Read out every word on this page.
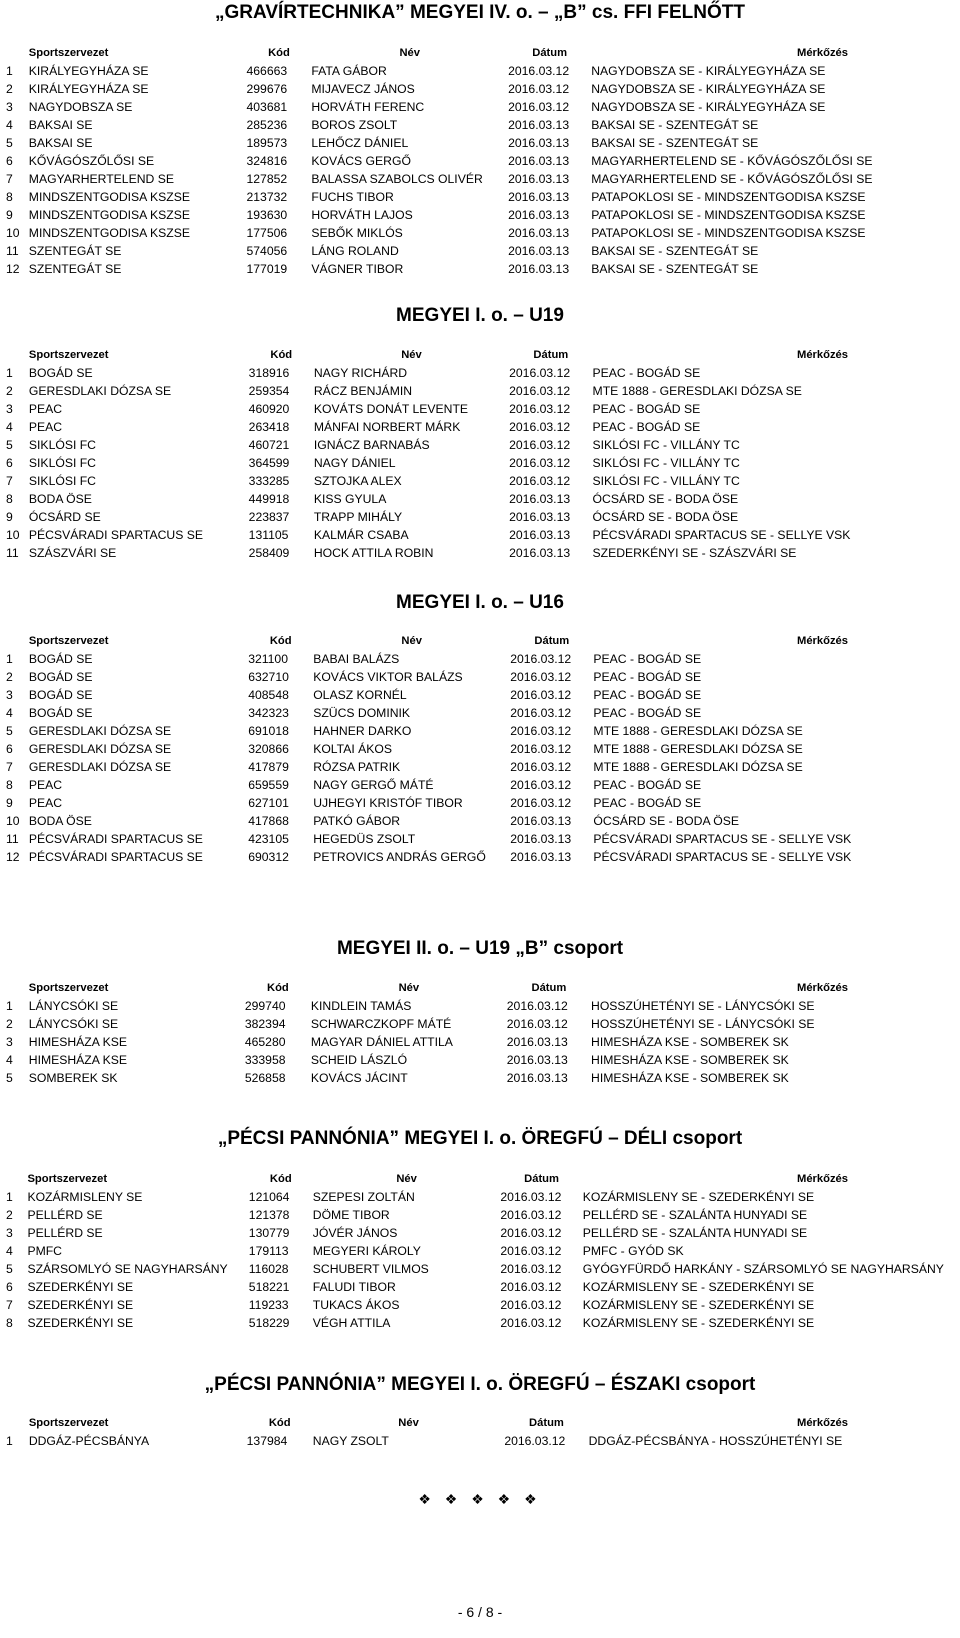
„GRAVÍRTECHNIKA” MEGYEI IV. o. – „B” cs. FFI FELNŐTT
	Sportszervezet	Kód	Név	Dátum	Mérkőzés
1	KIRÁLYEGYHÁZA SE	466663	FATA GÁBOR	2016.03.12	NAGYDOBSZA SE - KIRÁLYEGYHÁZA SE
2	KIRÁLYEGYHÁZA SE	299676	MIJAVECZ JÁNOS	2016.03.12	NAGYDOBSZA SE - KIRÁLYEGYHÁZA SE
3	NAGYDOBSZA SE	403681	HORVÁTH FERENC	2016.03.12	NAGYDOBSZA SE - KIRÁLYEGYHÁZA SE
4	BAKSAI SE	285236	BOROS ZSOLT	2016.03.13	BAKSAI SE - SZENTEGÁT SE
5	BAKSAI SE	189573	LEHŐCZ DÁNIEL	2016.03.13	BAKSAI SE - SZENTEGÁT SE
6	KŐVÁGÓSZŐLŐSI SE	324816	KOVÁCS GERGŐ	2016.03.13	MAGYARHERTELEND SE - KŐVÁGÓSZŐLŐSI SE
7	MAGYARHERTELEND SE	127852	BALASSA SZABOLCS OLIVÉR	2016.03.13	MAGYARHERTELEND SE - KŐVÁGÓSZŐLŐSI SE
8	MINDSZENTGODISA KSZSE	213732	FUCHS TIBOR	2016.03.13	PATAPOKLOSI SE - MINDSZENTGODISA KSZSE
9	MINDSZENTGODISA KSZSE	193630	HORVÁTH LAJOS	2016.03.13	PATAPOKLOSI SE - MINDSZENTGODISA KSZSE
10	MINDSZENTGODISA KSZSE	177506	SEBŐK MIKLÓS	2016.03.13	PATAPOKLOSI SE - MINDSZENTGODISA KSZSE
11	SZENTEGÁT SE	574056	LÁNG ROLAND	2016.03.13	BAKSAI SE - SZENTEGÁT SE
12	SZENTEGÁT SE	177019	VÁGNER TIBOR	2016.03.13	BAKSAI SE - SZENTEGÁT SE
MEGYEI I. o. – U19
	Sportszervezet	Kód	Név	Dátum	Mérkőzés
1	BOGÁD SE	318916	NAGY RICHÁRD	2016.03.12	PEAC - BOGÁD SE
2	GERESDLAKI DÓZSA SE	259354	RÁCZ BENJÁMIN	2016.03.12	MTE 1888 - GERESDLAKI DÓZSA SE
3	PEAC	460920	KOVÁTS DONÁT LEVENTE	2016.03.12	PEAC - BOGÁD SE
4	PEAC	263418	MÁNFAI NORBERT MÁRK	2016.03.12	PEAC - BOGÁD SE
5	SIKLÓSI FC	460721	IGNÁCZ BARNABÁS	2016.03.12	SIKLÓSI FC - VILLÁNY TC
6	SIKLÓSI FC	364599	NAGY DÁNIEL	2016.03.12	SIKLÓSI FC - VILLÁNY TC
7	SIKLÓSI FC	333285	SZTOJKA ALEX	2016.03.12	SIKLÓSI FC - VILLÁNY TC
8	BODA ÖSE	449918	KISS GYULA	2016.03.13	ÓCSÁRD SE - BODA ÖSE
9	ÓCSÁRD SE	223837	TRAPP MIHÁLY	2016.03.13	ÓCSÁRD SE - BODA ÖSE
10	PÉCSVÁRADI SPARTACUS SE	131105	KALMÁR CSABA	2016.03.13	PÉCSVÁRADI SPARTACUS SE - SELLYE VSK
11	SZÁSZVÁRI SE	258409	HOCK ATTILA ROBIN	2016.03.13	SZEDERKÉNYI SE - SZÁSZVÁRI SE
MEGYEI I. o. – U16
	Sportszervezet	Kód	Név	Dátum	Mérkőzés
1	BOGÁD SE	321100	BABAI BALÁZS	2016.03.12	PEAC - BOGÁD SE
2	BOGÁD SE	632710	KOVÁCS VIKTOR BALÁZS	2016.03.12	PEAC - BOGÁD SE
3	BOGÁD SE	408548	OLASZ KORNÉL	2016.03.12	PEAC - BOGÁD SE
4	BOGÁD SE	342323	SZÜCS DOMINIK	2016.03.12	PEAC - BOGÁD SE
5	GERESDLAKI DÓZSA SE	691018	HAHNER DARKO	2016.03.12	MTE 1888 - GERESDLAKI DÓZSA SE
6	GERESDLAKI DÓZSA SE	320866	KOLTAI ÁKOS	2016.03.12	MTE 1888 - GERESDLAKI DÓZSA SE
7	GERESDLAKI DÓZSA SE	417879	RÓZSA PATRIK	2016.03.12	MTE 1888 - GERESDLAKI DÓZSA SE
8	PEAC	659559	NAGY GERGŐ MÁTÉ	2016.03.12	PEAC - BOGÁD SE
9	PEAC	627101	UJHEGYI KRISTÓF TIBOR	2016.03.12	PEAC - BOGÁD SE
10	BODA ÖSE	417868	PATKÓ GÁBOR	2016.03.13	ÓCSÁRD SE - BODA ÖSE
11	PÉCSVÁRADI SPARTACUS SE	423105	HEGEDÜS ZSOLT	2016.03.13	PÉCSVÁRADI SPARTACUS SE - SELLYE VSK
12	PÉCSVÁRADI SPARTACUS SE	690312	PETROVICS ANDRÁS GERGŐ	2016.03.13	PÉCSVÁRADI SPARTACUS SE - SELLYE VSK
MEGYEI II. o. – U19 „B” csoport
	Sportszervezet	Kód	Név	Dátum	Mérkőzés
1	LÁNYCSÓKI SE	299740	KINDLEIN TAMÁS	2016.03.12	HOSSZÚHETÉNYI SE - LÁNYCSÓKI SE
2	LÁNYCSÓKI SE	382394	SCHWARCZKOPF MÁTÉ	2016.03.12	HOSSZÚHETÉNYI SE - LÁNYCSÓKI SE
3	HIMESHÁZA KSE	465280	MAGYAR DÁNIEL ATTILA	2016.03.13	HIMESHÁZA KSE - SOMBEREK SK
4	HIMESHÁZA KSE	333958	SCHEID LÁSZLÓ	2016.03.13	HIMESHÁZA KSE - SOMBEREK SK
5	SOMBEREK SK	526858	KOVÁCS JÁCINT	2016.03.13	HIMESHÁZA KSE - SOMBEREK SK
„PÉCSI PANNÓNIA” MEGYEI I. o. ÖREGFÚ – DÉLI csoport
	Sportszervezet	Kód	Név	Dátum	Mérkőzés
1	KOZÁRMISLENY SE	121064	SZEPESI ZOLTÁN	2016.03.12	KOZÁRMISLENY SE - SZEDERKÉNYI SE
2	PELLÉRD SE	121378	DÖME TIBOR	2016.03.12	PELLÉRD SE - SZALÁNTA HUNYADI SE
3	PELLÉRD SE	130779	JÓVÉR JÁNOS	2016.03.12	PELLÉRD SE - SZALÁNTA HUNYADI SE
4	PMFC	179113	MEGYERI KÁROLY	2016.03.12	PMFC - GYÓD SK
5	SZÁRSOMLYÓ SE NAGYHARSÁNY	116028	SCHUBERT VILMOS	2016.03.12	GYÓGYFÜRDŐ HARKÁNY - SZÁRSOMLYÓ SE NAGYHARSÁNY
6	SZEDERKÉNYI SE	518221	FALUDI TIBOR	2016.03.12	KOZÁRMISLENY SE - SZEDERKÉNYI SE
7	SZEDERKÉNYI SE	119233	TUKACS ÁKOS	2016.03.12	KOZÁRMISLENY SE - SZEDERKÉNYI SE
8	SZEDERKÉNYI SE	518229	VÉGH ATTILA	2016.03.12	KOZÁRMISLENY SE - SZEDERKÉNYI SE
„PÉCSI PANNÓNIA” MEGYEI I. o. ÖREGFÚ – ÉSZAKI csoport
	Sportszervezet	Kód	Név	Dátum	Mérkőzés
1	DDGÁZ-PÉCSBÁNYA	137984	NAGY ZSOLT	2016.03.12	DDGÁZ-PÉCSBÁNYA - HOSSZÚHETÉNYI SE
❖ ❖ ❖ ❖ ❖
- 6 / 8 -
